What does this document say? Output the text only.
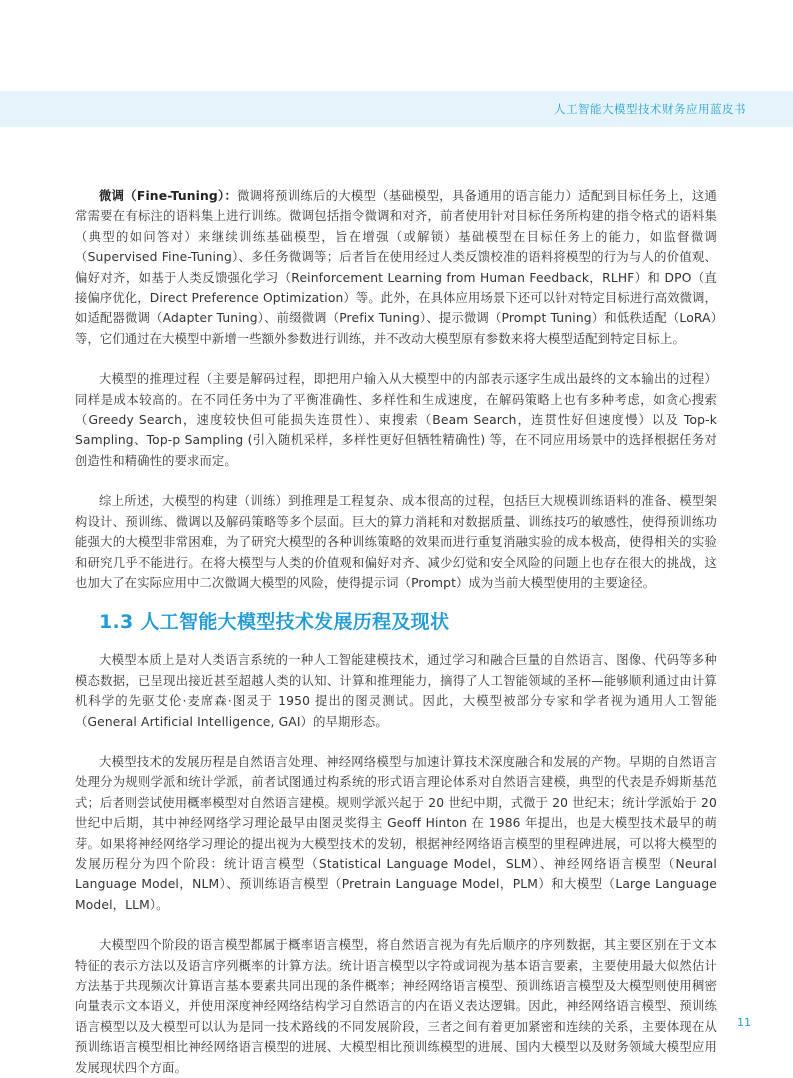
人工智能大模型技术财务应用蓝皮书

微调（Fine-Tuning）：微调将预训练后的大模型（基础模型，具备通用的语言能力）适配到目标任务上，这通常需要在有标注的语料集上进行训练。微调包括指令微调和对齐，前者使用针对目标任务所构建的指令格式的语料集（典型的如问答对）来继续训练基础模型，旨在增强（或解锁）基础模型在目标任务上的能力，如监督微调（Supervised Fine-Tuning）、多任务微调等；后者旨在使用经过人类反馈校准的语料将模型的行为与人的价值观、偏好对齐，如基于人类反馈强化学习（Reinforcement Learning from Human Feedback，RLHF）和 DPO（直接偏序优化，Direct Preference Optimization）等。此外，在具体应用场景下还可以针对特定目标进行高效微调，如适配器微调（Adapter Tuning）、前缀微调（Prefix Tuning）、提示微调（Prompt Tuning）和低秩适配（LoRA）等，它们通过在大模型中新增一些额外参数进行训练，并不改动大模型原有参数来将大模型适配到特定目标上。

大模型的推理过程（主要是解码过程，即把用户输入从大模型中的内部表示逐字生成出最终的文本输出的过程）同样是成本较高的。在不同任务中为了平衡准确性、多样性和生成速度，在解码策略上也有多种考虑，如贪心搜索（Greedy Search，速度较快但可能损失连贯性）、束搜索（Beam Search，连贯性好但速度慢）以及 Top-k Sampling、Top-p Sampling (引入随机采样，多样性更好但牺牲精确性) 等，在不同应用场景中的选择根据任务对创造性和精确性的要求而定。

综上所述，大模型的构建（训练）到推理是工程复杂、成本很高的过程，包括巨大规模训练语料的准备、模型架构设计、预训练、微调以及解码策略等多个层面。巨大的算力消耗和对数据质量、训练技巧的敏感性，使得预训练功能强大的大模型非常困难，为了研究大模型的各种训练策略的效果而进行重复消融实验的成本极高，使得相关的实验和研究几乎不能进行。在将大模型与人类的价值观和偏好对齐、减少幻觉和安全风险的问题上也存在很大的挑战，这也加大了在实际应用中二次微调大模型的风险，使得提示词（Prompt）成为当前大模型使用的主要途径。

1.3 人工智能大模型技术发展历程及现状

大模型本质上是对人类语言系统的一种人工智能建模技术，通过学习和融合巨量的自然语言、图像、代码等多种模态数据，已呈现出接近甚至超越人类的认知、计算和推理能力，摘得了人工智能领域的圣杯—能够顺利通过由计算机科学的先驱艾伦·麦席森·图灵于 1950 提出的图灵测试。因此，大模型被部分专家和学者视为通用人工智能（General Artificial Intelligence, GAI）的早期形态。

大模型技术的发展历程是自然语言处理、神经网络模型与加速计算技术深度融合和发展的产物。早期的自然语言处理分为规则学派和统计学派，前者试图通过构系统的形式语言理论体系对自然语言建模，典型的代表是乔姆斯基范式；后者则尝试使用概率模型对自然语言建模。规则学派兴起于 20 世纪中期，式微于 20 世纪末；统计学派始于 20 世纪中后期，其中神经网络学习理论最早由图灵奖得主 Geoff Hinton 在 1986 年提出，也是大模型技术最早的萌芽。如果将神经网络学习理论的提出视为大模型技术的发轫，根据神经网络语言模型的里程碑进展，可以将大模型的发展历程分为四个阶段：统计语言模型（Statistical Language Model，SLM）、神经网络语言模型（Neural Language Model，NLM）、预训练语言模型（Pretrain Language Model，PLM）和大模型（Large Language Model，LLM）。

大模型四个阶段的语言模型都属于概率语言模型，将自然语言视为有先后顺序的序列数据，其主要区别在于文本特征的表示方法以及语言序列概率的计算方法。统计语言模型以字符或词视为基本语言要素，主要使用最大似然估计方法基于共现频次计算语言基本要素共同出现的条件概率；神经网络语言模型、预训练语言模型及大模型则使用稠密向量表示文本语义，并使用深度神经网络结构学习自然语言的内在语义表达逻辑。因此，神经网络语言模型、预训练语言模型以及大模型可以认为是同一技术路线的不同发展阶段，三者之间有着更加紧密和连续的关系，主要体现在从预训练语言模型相比神经网络语言模型的进展、大模型相比预训练模型的进展、国内大模型以及财务领域大模型应用发展现状四个方面。

11
